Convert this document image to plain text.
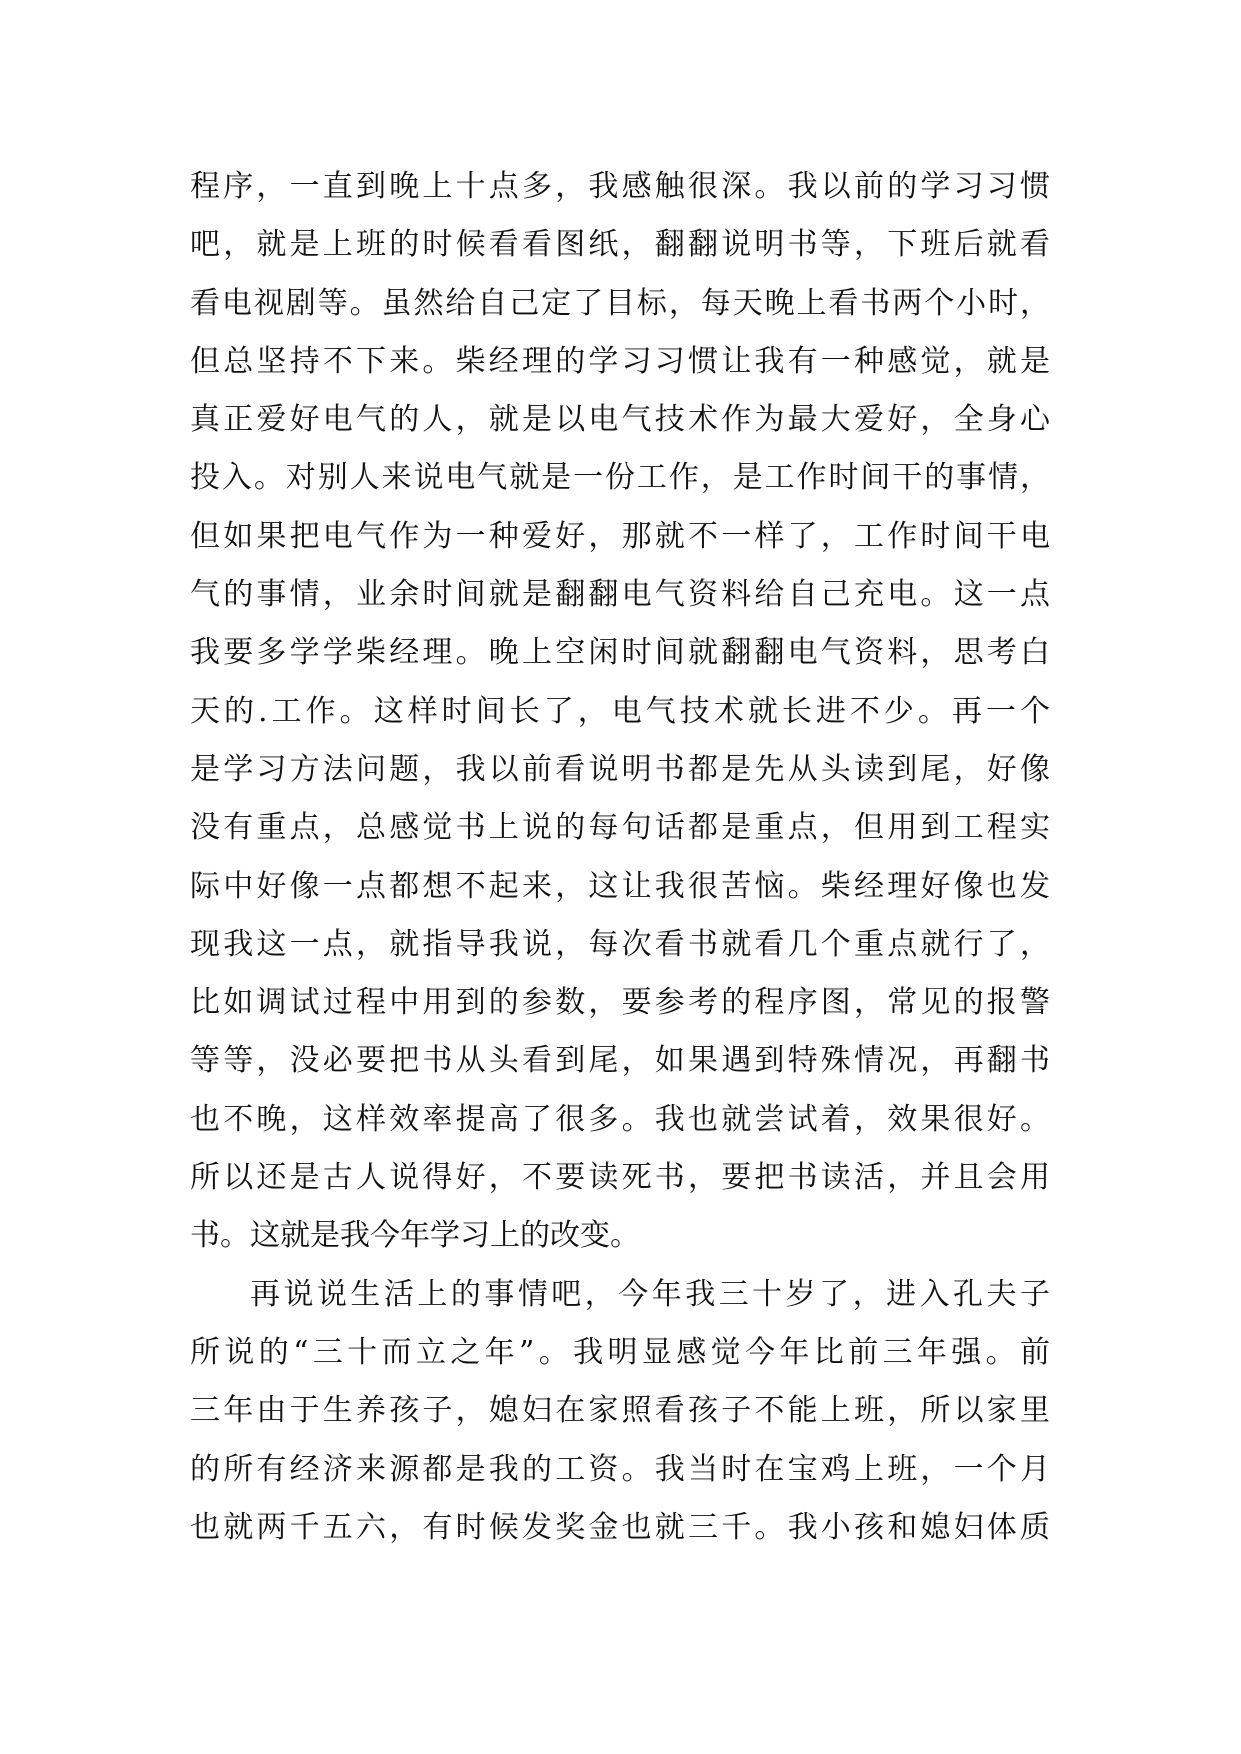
程序，一直到晚上十点多，我感触很深。我以前的学习习惯
吧，就是上班的时候看看图纸，翻翻说明书等，下班后就看
看电视剧等。虽然给自己定了目标，每天晚上看书两个小时，
但总坚持不下来。柴经理的学习习惯让我有一种感觉，就是
真正爱好电气的人，就是以电气技术作为最大爱好，全身心
投入。对别人来说电气就是一份工作，是工作时间干的事情，
但如果把电气作为一种爱好，那就不一样了，工作时间干电
气的事情，业余时间就是翻翻电气资料给自己充电。这一点
我要多学学柴经理。晚上空闲时间就翻翻电气资料，思考白
天的.工作。这样时间长了，电气技术就长进不少。再一个
是学习方法问题，我以前看说明书都是先从头读到尾，好像
没有重点，总感觉书上说的每句话都是重点，但用到工程实
际中好像一点都想不起来，这让我很苦恼。柴经理好像也发
现我这一点，就指导我说，每次看书就看几个重点就行了，
比如调试过程中用到的参数，要参考的程序图，常见的报警
等等，没必要把书从头看到尾，如果遇到特殊情况，再翻书
也不晚，这样效率提高了很多。我也就尝试着，效果很好。
所以还是古人说得好，不要读死书，要把书读活，并且会用
书。这就是我今年学习上的改变。
再说说生活上的事情吧，今年我三十岁了，进入孔夫子
所说的“三十而立之年”。我明显感觉今年比前三年强。前
三年由于生养孩子，媳妇在家照看孩子不能上班，所以家里
的所有经济来源都是我的工资。我当时在宝鸡上班，一个月
也就两千五六，有时候发奖金也就三千。我小孩和媳妇体质
